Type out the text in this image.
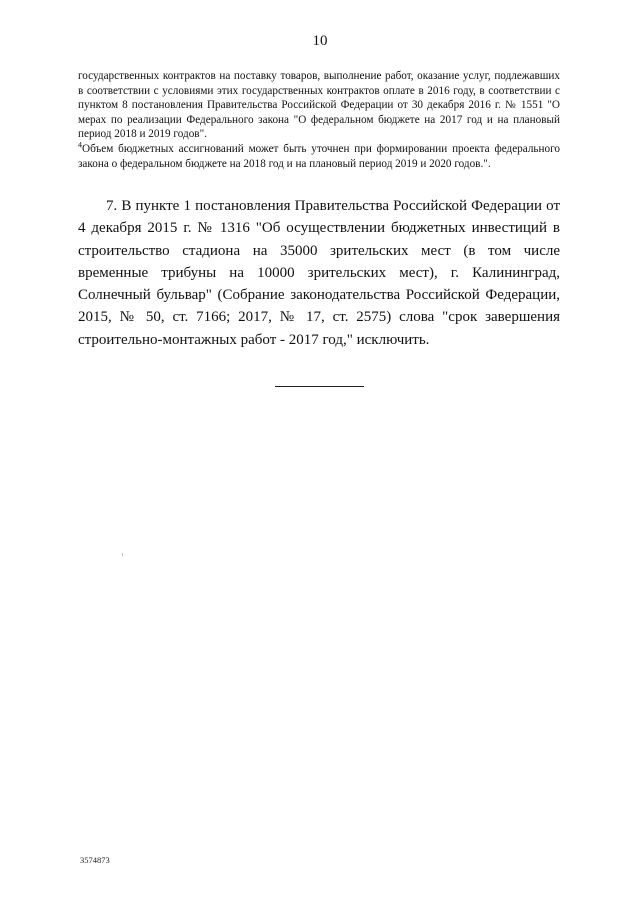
10

государственных контрактов на поставку товаров, выполнение работ, оказание услуг, подлежавших в соответствии с условиями этих государственных контрактов оплате в 2016 году, в соответствии с пунктом 8 постановления Правительства Российской Федерации от 30 декабря 2016 г. № 1551 "О мерах по реализации Федерального закона "О федеральном бюджете на 2017 год и на плановый период 2018 и 2019 годов".

$^4$Объем бюджетных ассигнований может быть уточнен при формировании проекта федерального закона о федеральном бюджете на 2018 год и на плановый период 2019 и 2020 годов.".

7. В пункте 1 постановления Правительства Российской Федерации от 4 декабря 2015 г. № 1316 "Об осуществлении бюджетных инвестиций в строительство стадиона на 35000 зрительских мест (в том числе временные трибуны на 10000 зрительских мест), г. Калининград, Солнечный бульвар" (Собрание законодательства Российской Федерации, 2015, № 50, ст. 7166; 2017, № 17, ст. 2575) слова "срок завершения строительно-монтажных работ - 2017 год," исключить.

3574873
